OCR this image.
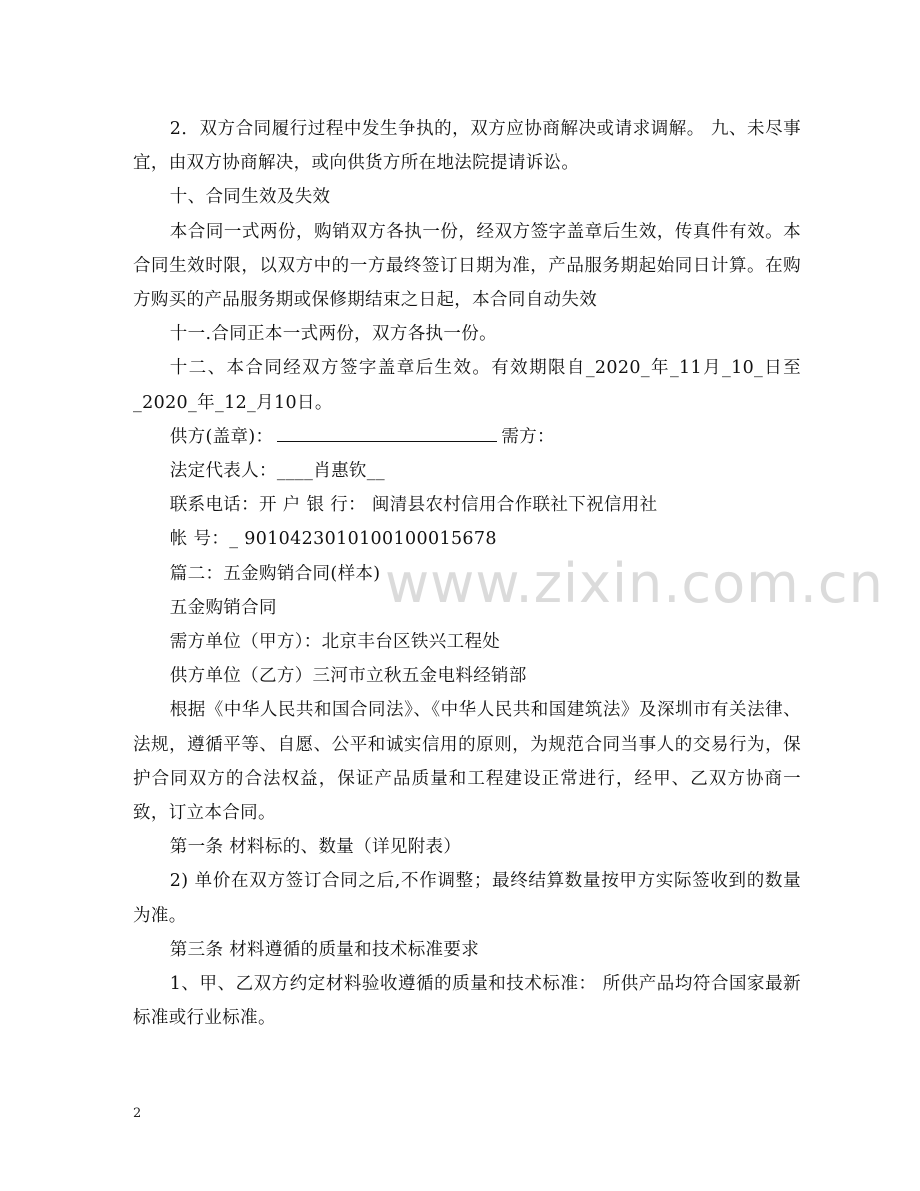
2．双方合同履行过程中发生争执的，双方应协商解决或请求调解。 九、未尽事宜，由双方协商解决，或向供货方所在地法院提请诉讼。

十、合同生效及失效

本合同一式两份，购销双方各执一份，经双方签字盖章后生效，传真件有效。本合同生效时限，以双方中的一方最终签订日期为准，产品服务期起始同日计算。在购方购买的产品服务期或保修期结束之日起，本合同自动失效

十一.合同正本一式两份，双方各执一份。

十二、本合同经双方签字盖章后生效。有效期限自_2020_年_11月_10_日至_2020_年_12_月10日。

供方(盖章)：	需方：

法定代表人：____肖惠钦__

联系电话：开 户 银 行： 闽清县农村信用合作联社下祝信用社

帐 号：_ 9010423010100100015678

篇二：五金购销合同(样本)

五金购销合同

需方单位（甲方）：北京丰台区铁兴工程处

供方单位（乙方）三河市立秋五金电料经销部

根据《中华人民共和国合同法》、《中华人民共和国建筑法》及深圳市有关法律、法规，遵循平等、自愿、公平和诚实信用的原则，为规范合同当事人的交易行为，保护合同双方的合法权益，保证产品质量和工程建设正常进行，经甲、乙双方协商一致，订立本合同。

第一条 材料标的、数量（详见附表）

2) 单价在双方签订合同之后,不作调整；最终结算数量按甲方实际签收到的数量为准。

第三条 材料遵循的质量和技术标准要求

1、甲、乙双方约定材料验收遵循的质量和技术标准： 所供产品均符合国家最新标准或行业标准。

www.zixin.com.cn
2
